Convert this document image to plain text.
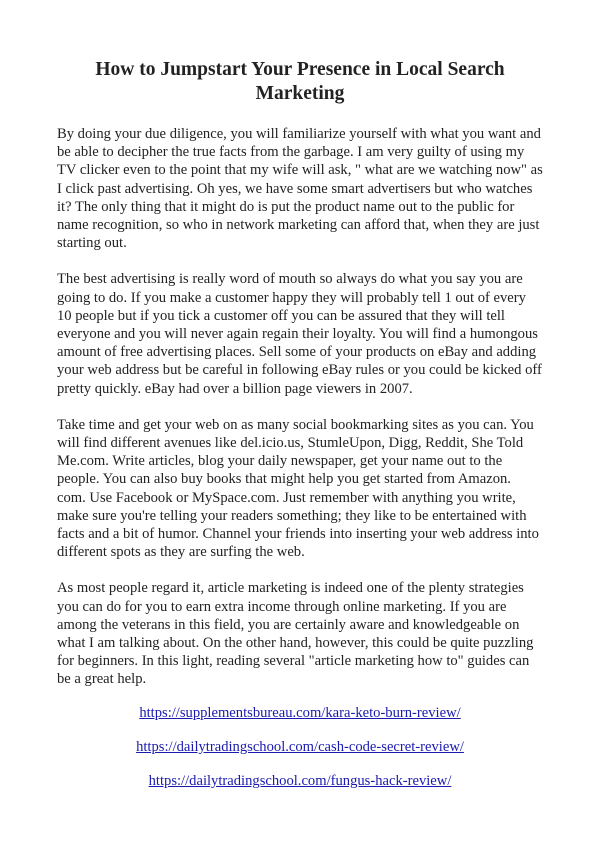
How to Jumpstart Your Presence in Local Search Marketing

By doing your due diligence, you will familiarize yourself with what you want and be able to decipher the true facts from the garbage. I am very guilty of using my TV clicker even to the point that my wife will ask, " what are we watching now" as I click past advertising. Oh yes, we have some smart advertisers but who watches it? The only thing that it might do is put the product name out to the public for name recognition, so who in network marketing can afford that, when they are just starting out.

The best advertising is really word of mouth so always do what you say you are going to do. If you make a customer happy they will probably tell 1 out of every 10 people but if you tick a customer off you can be assured that they will tell everyone and you will never again regain their loyalty. You will find a humongous amount of free advertising places. Sell some of your products on eBay and adding your web address but be careful in following eBay rules or you could be kicked off pretty quickly. eBay had over a billion page viewers in 2007.

Take time and get your web on as many social bookmarking sites as you can. You will find different avenues like del.icio.us, StumleUpon, Digg, Reddit, She Told Me.com. Write articles, blog your daily newspaper, get your name out to the people. You can also buy books that might help you get started from Amazon. com. Use Facebook or MySpace.com. Just remember with anything you write, make sure you're telling your readers something; they like to be entertained with facts and a bit of humor. Channel your friends into inserting your web address into different spots as they are surfing the web.

As most people regard it, article marketing is indeed one of the plenty strategies you can do for you to earn extra income through online marketing. If you are among the veterans in this field, you are certainly aware and knowledgeable on what I am talking about. On the other hand, however, this could be quite puzzling for beginners. In this light, reading several "article marketing how to" guides can be a great help.

https://supplementsbureau.com/kara-keto-burn-review/
https://dailytradingschool.com/cash-code-secret-review/
https://dailytradingschool.com/fungus-hack-review/
